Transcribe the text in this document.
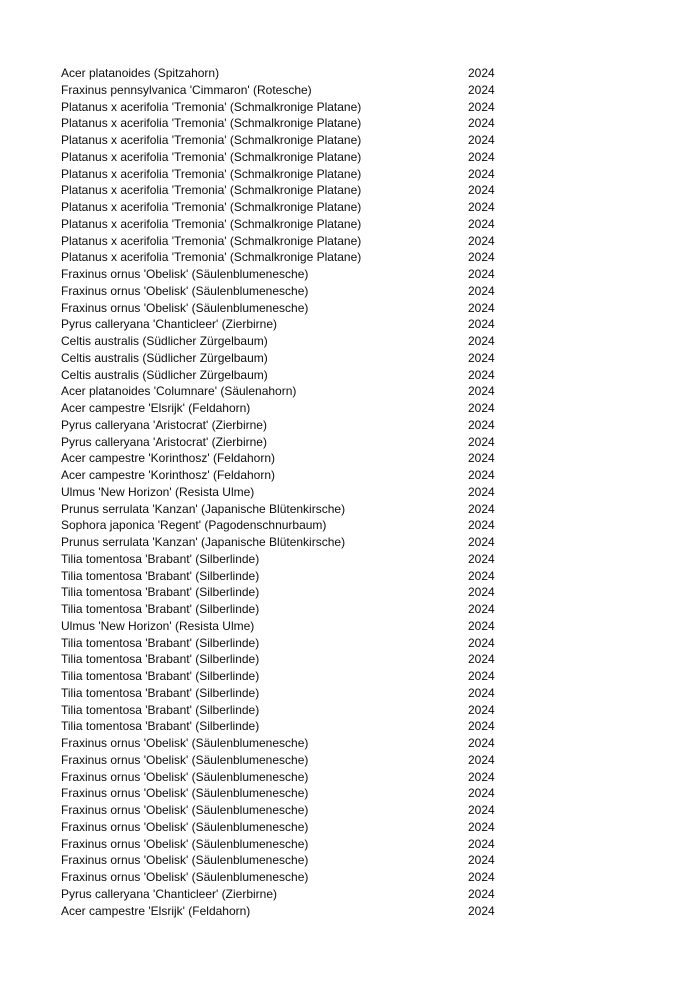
Acer platanoides (Spitzahorn)	2024
Fraxinus pennsylvanica 'Cimmaron' (Rotesche)	2024
Platanus x acerifolia 'Tremonia' (Schmalkronige Platane)	2024
Platanus x acerifolia 'Tremonia' (Schmalkronige Platane)	2024
Platanus x acerifolia 'Tremonia' (Schmalkronige Platane)	2024
Platanus x acerifolia 'Tremonia' (Schmalkronige Platane)	2024
Platanus x acerifolia 'Tremonia' (Schmalkronige Platane)	2024
Platanus x acerifolia 'Tremonia' (Schmalkronige Platane)	2024
Platanus x acerifolia 'Tremonia' (Schmalkronige Platane)	2024
Platanus x acerifolia 'Tremonia' (Schmalkronige Platane)	2024
Platanus x acerifolia 'Tremonia' (Schmalkronige Platane)	2024
Platanus x acerifolia 'Tremonia' (Schmalkronige Platane)	2024
Fraxinus ornus 'Obelisk' (Säulenblumenesche)	2024
Fraxinus ornus 'Obelisk' (Säulenblumenesche)	2024
Fraxinus ornus 'Obelisk' (Säulenblumenesche)	2024
Pyrus calleryana 'Chanticleer' (Zierbirne)	2024
Celtis australis (Südlicher Zürgelbaum)	2024
Celtis australis (Südlicher Zürgelbaum)	2024
Celtis australis (Südlicher Zürgelbaum)	2024
Acer platanoides 'Columnare' (Säulenahorn)	2024
Acer campestre 'Elsrijk' (Feldahorn)	2024
Pyrus calleryana 'Aristocrat' (Zierbirne)	2024
Pyrus calleryana 'Aristocrat' (Zierbirne)	2024
Acer campestre 'Korinthosz' (Feldahorn)	2024
Acer campestre 'Korinthosz' (Feldahorn)	2024
Ulmus 'New Horizon' (Resista Ulme)	2024
Prunus serrulata 'Kanzan' (Japanische Blütenkirsche)	2024
Sophora japonica 'Regent' (Pagodenschnurbaum)	2024
Prunus serrulata 'Kanzan' (Japanische Blütenkirsche)	2024
Tilia tomentosa 'Brabant' (Silberlinde)	2024
Tilia tomentosa 'Brabant' (Silberlinde)	2024
Tilia tomentosa 'Brabant' (Silberlinde)	2024
Tilia tomentosa 'Brabant' (Silberlinde)	2024
Ulmus 'New Horizon' (Resista Ulme)	2024
Tilia tomentosa 'Brabant' (Silberlinde)	2024
Tilia tomentosa 'Brabant' (Silberlinde)	2024
Tilia tomentosa 'Brabant' (Silberlinde)	2024
Tilia tomentosa 'Brabant' (Silberlinde)	2024
Tilia tomentosa 'Brabant' (Silberlinde)	2024
Tilia tomentosa 'Brabant' (Silberlinde)	2024
Fraxinus ornus 'Obelisk' (Säulenblumenesche)	2024
Fraxinus ornus 'Obelisk' (Säulenblumenesche)	2024
Fraxinus ornus 'Obelisk' (Säulenblumenesche)	2024
Fraxinus ornus 'Obelisk' (Säulenblumenesche)	2024
Fraxinus ornus 'Obelisk' (Säulenblumenesche)	2024
Fraxinus ornus 'Obelisk' (Säulenblumenesche)	2024
Fraxinus ornus 'Obelisk' (Säulenblumenesche)	2024
Fraxinus ornus 'Obelisk' (Säulenblumenesche)	2024
Fraxinus ornus 'Obelisk' (Säulenblumenesche)	2024
Pyrus calleryana 'Chanticleer' (Zierbirne)	2024
Acer campestre 'Elsrijk' (Feldahorn)	2024
